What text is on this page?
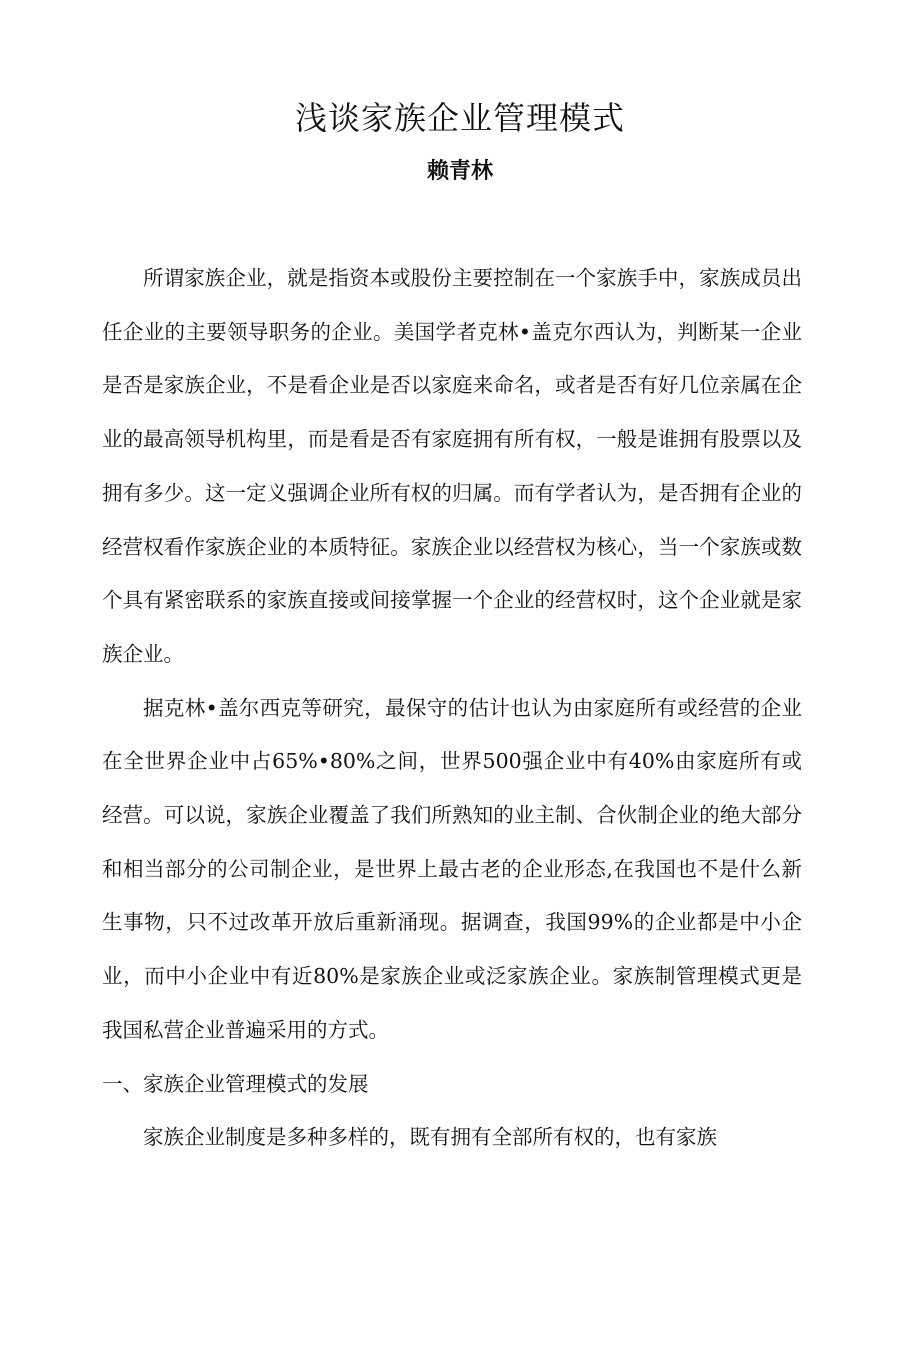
浅谈家族企业管理模式
赖青林

所谓家族企业，就是指资本或股份主要控制在一个家族手中，家族成员出任企业的主要领导职务的企业。美国学者克林•盖克尔西认为，判断某一企业是否是家族企业，不是看企业是否以家庭来命名，或者是否有好几位亲属在企业的最高领导机构里，而是看是否有家庭拥有所有权，一般是谁拥有股票以及拥有多少。这一定义强调企业所有权的归属。而有学者认为，是否拥有企业的经营权看作家族企业的本质特征。家族企业以经营权为核心，当一个家族或数个具有紧密联系的家族直接或间接掌握一个企业的经营权时，这个企业就是家族企业。

据克林•盖尔西克等研究，最保守的估计也认为由家庭所有或经营的企业在全世界企业中占65%•80%之间，世界500强企业中有40%由家庭所有或经营。可以说，家族企业覆盖了我们所熟知的业主制、合伙制企业的绝大部分和相当部分的公司制企业，是世界上最古老的企业形态,在我国也不是什么新生事物，只不过改革开放后重新涌现。据调查，我国99%的企业都是中小企业，而中小企业中有近80%是家族企业或泛家族企业。家族制管理模式更是我国私营企业普遍采用的方式。

一、家族企业管理模式的发展

家族企业制度是多种多样的，既有拥有全部所有权的，也有家族
